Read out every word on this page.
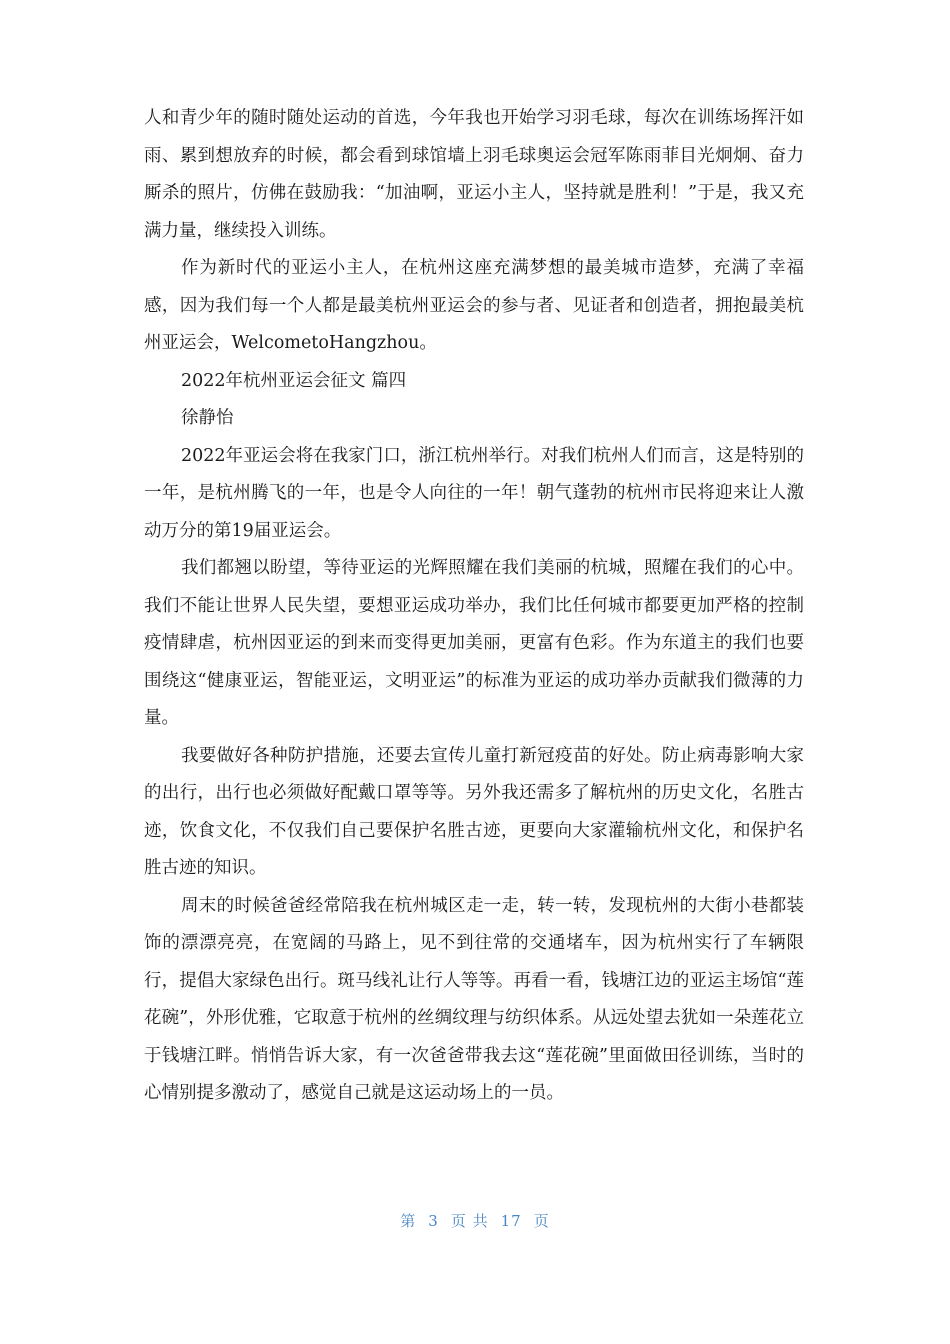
人和青少年的随时随处运动的首选，今年我也开始学习羽毛球，每次在训练场挥汗如雨、累到想放弃的时候，都会看到球馆墙上羽毛球奥运会冠军陈雨菲目光炯炯、奋力厮杀的照片，仿佛在鼓励我：“加油啊，亚运小主人，坚持就是胜利！”于是，我又充满力量，继续投入训练。

作为新时代的亚运小主人，在杭州这座充满梦想的最美城市造梦，充满了幸福感，因为我们每一个人都是最美杭州亚运会的参与者、见证者和创造者，拥抱最美杭州亚运会，WelcometoHangzhou。

2022年杭州亚运会征文 篇四

徐静怡

2022年亚运会将在我家门口，浙江杭州举行。对我们杭州人们而言，这是特别的一年，是杭州腾飞的一年，也是令人向往的一年！朝气蓬勃的杭州市民将迎来让人激动万分的第19届亚运会。

我们都翘以盼望，等待亚运的光辉照耀在我们美丽的杭城，照耀在我们的心中。我们不能让世界人民失望，要想亚运成功举办，我们比任何城市都要更加严格的控制疫情肆虐，杭州因亚运的到来而变得更加美丽，更富有色彩。作为东道主的我们也要围绕这“健康亚运，智能亚运，文明亚运”的标准为亚运的成功举办贡献我们微薄的力量。

我要做好各种防护措施，还要去宣传儿童打新冠疫苗的好处。防止病毒影响大家的出行，出行也必须做好配戴口罩等等。另外我还需多了解杭州的历史文化，名胜古迹，饮食文化，不仅我们自己要保护名胜古迹，更要向大家灌输杭州文化，和保护名胜古迹的知识。

周末的时候爸爸经常陪我在杭州城区走一走，转一转，发现杭州的大街小巷都装饰的漂漂亮亮，在宽阔的马路上，见不到往常的交通堵车，因为杭州实行了车辆限行，提倡大家绿色出行。斑马线礼让行人等等。再看一看，钱塘江边的亚运主场馆“莲花碗”，外形优雅，它取意于杭州的丝绸纹理与纺织体系。从远处望去犹如一朵莲花立于钱塘江畔。悄悄告诉大家，有一次爸爸带我去这“莲花碗”里面做田径训练，当时的心情别提多激动了，感觉自己就是这运动场上的一员。

第 3 页 共 17 页
